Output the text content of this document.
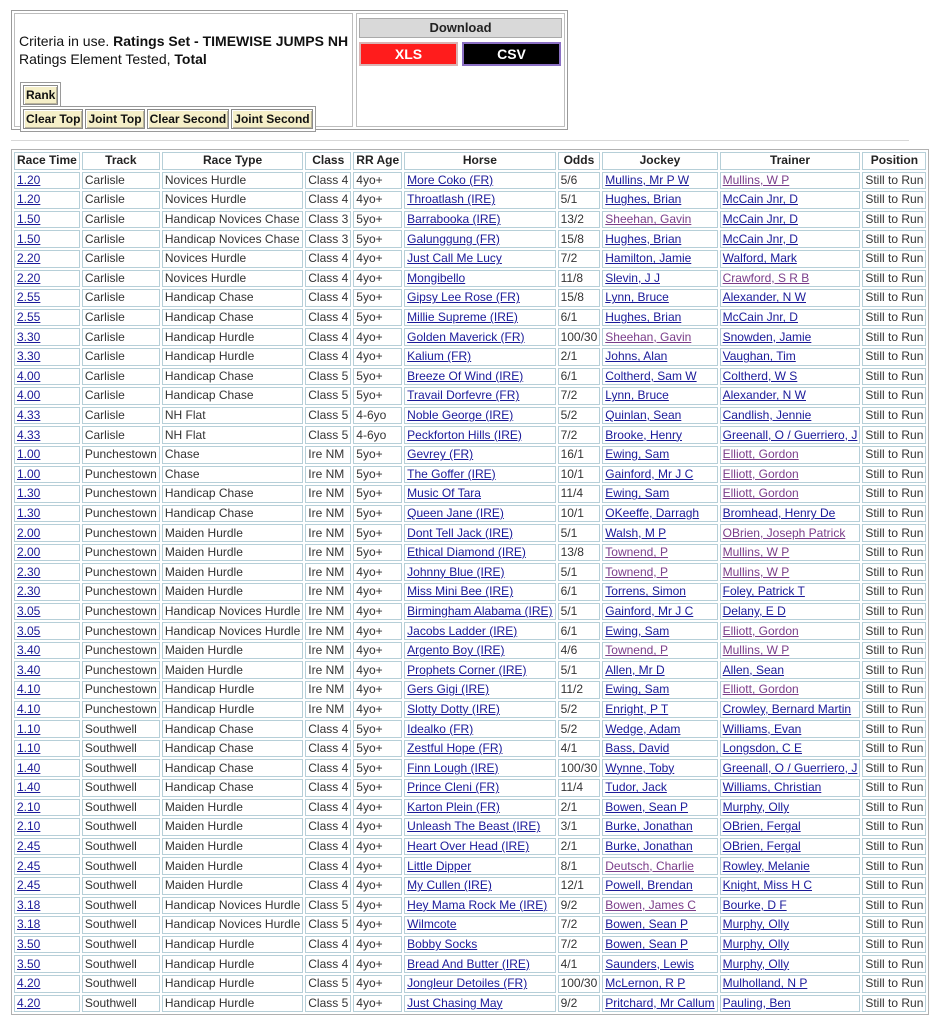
Criteria in use. Ratings Set - TIMEWISE JUMPS NH
Ratings Element Tested, Total
Rank
Clear Top Joint Top Clear Second Joint Second
Download
XLS	CSV
Race Time	Track	Race Type	Class	RR Age	Horse	Odds	Jockey	Trainer	Position
1.20	Carlisle	Novices Hurdle	Class 4	4yo+	More Coko (FR)	5/6	Mullins, Mr P W	Mullins, W P	Still to Run
1.20	Carlisle	Novices Hurdle	Class 4	4yo+	Throatlash (IRE)	5/1	Hughes, Brian	McCain Jnr, D	Still to Run
1.50	Carlisle	Handicap Novices Chase	Class 3	5yo+	Barrabooka (IRE)	13/2	Sheehan, Gavin	McCain Jnr, D	Still to Run
1.50	Carlisle	Handicap Novices Chase	Class 3	5yo+	Galunggung (FR)	15/8	Hughes, Brian	McCain Jnr, D	Still to Run
2.20	Carlisle	Novices Hurdle	Class 4	4yo+	Just Call Me Lucy	7/2	Hamilton, Jamie	Walford, Mark	Still to Run
2.20	Carlisle	Novices Hurdle	Class 4	4yo+	Mongibello	11/8	Slevin, J J	Crawford, S R B	Still to Run
2.55	Carlisle	Handicap Chase	Class 4	5yo+	Gipsy Lee Rose (FR)	15/8	Lynn, Bruce	Alexander, N W	Still to Run
2.55	Carlisle	Handicap Chase	Class 4	5yo+	Millie Supreme (IRE)	6/1	Hughes, Brian	McCain Jnr, D	Still to Run
3.30	Carlisle	Handicap Hurdle	Class 4	4yo+	Golden Maverick (FR)	100/30	Sheehan, Gavin	Snowden, Jamie	Still to Run
3.30	Carlisle	Handicap Hurdle	Class 4	4yo+	Kalium (FR)	2/1	Johns, Alan	Vaughan, Tim	Still to Run
4.00	Carlisle	Handicap Chase	Class 5	5yo+	Breeze Of Wind (IRE)	6/1	Coltherd, Sam W	Coltherd, W S	Still to Run
4.00	Carlisle	Handicap Chase	Class 5	5yo+	Travail Dorfevre (FR)	7/2	Lynn, Bruce	Alexander, N W	Still to Run
4.33	Carlisle	NH Flat	Class 5	4-6yo	Noble George (IRE)	5/2	Quinlan, Sean	Candlish, Jennie	Still to Run
4.33	Carlisle	NH Flat	Class 5	4-6yo	Peckforton Hills (IRE)	7/2	Brooke, Henry	Greenall, O / Guerriero, J	Still to Run
1.00	Punchestown	Chase	Ire NM	5yo+	Gevrey (FR)	16/1	Ewing, Sam	Elliott, Gordon	Still to Run
1.00	Punchestown	Chase	Ire NM	5yo+	The Goffer (IRE)	10/1	Gainford, Mr J C	Elliott, Gordon	Still to Run
1.30	Punchestown	Handicap Chase	Ire NM	5yo+	Music Of Tara	11/4	Ewing, Sam	Elliott, Gordon	Still to Run
1.30	Punchestown	Handicap Chase	Ire NM	5yo+	Queen Jane (IRE)	10/1	OKeeffe, Darragh	Bromhead, Henry De	Still to Run
2.00	Punchestown	Maiden Hurdle	Ire NM	5yo+	Dont Tell Jack (IRE)	5/1	Walsh, M P	OBrien, Joseph Patrick	Still to Run
2.00	Punchestown	Maiden Hurdle	Ire NM	5yo+	Ethical Diamond (IRE)	13/8	Townend, P	Mullins, W P	Still to Run
2.30	Punchestown	Maiden Hurdle	Ire NM	4yo+	Johnny Blue (IRE)	5/1	Townend, P	Mullins, W P	Still to Run
2.30	Punchestown	Maiden Hurdle	Ire NM	4yo+	Miss Mini Bee (IRE)	6/1	Torrens, Simon	Foley, Patrick T	Still to Run
3.05	Punchestown	Handicap Novices Hurdle	Ire NM	4yo+	Birmingham Alabama (IRE)	5/1	Gainford, Mr J C	Delany, E D	Still to Run
3.05	Punchestown	Handicap Novices Hurdle	Ire NM	4yo+	Jacobs Ladder (IRE)	6/1	Ewing, Sam	Elliott, Gordon	Still to Run
3.40	Punchestown	Maiden Hurdle	Ire NM	4yo+	Argento Boy (IRE)	4/6	Townend, P	Mullins, W P	Still to Run
3.40	Punchestown	Maiden Hurdle	Ire NM	4yo+	Prophets Corner (IRE)	5/1	Allen, Mr D	Allen, Sean	Still to Run
4.10	Punchestown	Handicap Hurdle	Ire NM	4yo+	Gers Gigi (IRE)	11/2	Ewing, Sam	Elliott, Gordon	Still to Run
4.10	Punchestown	Handicap Hurdle	Ire NM	4yo+	Slotty Dotty (IRE)	5/2	Enright, P T	Crowley, Bernard Martin	Still to Run
1.10	Southwell	Handicap Chase	Class 4	5yo+	Idealko (FR)	5/2	Wedge, Adam	Williams, Evan	Still to Run
1.10	Southwell	Handicap Chase	Class 4	5yo+	Zestful Hope (FR)	4/1	Bass, David	Longsdon, C E	Still to Run
1.40	Southwell	Handicap Chase	Class 4	5yo+	Finn Lough (IRE)	100/30	Wynne, Toby	Greenall, O / Guerriero, J	Still to Run
1.40	Southwell	Handicap Chase	Class 4	5yo+	Prince Cleni (FR)	11/4	Tudor, Jack	Williams, Christian	Still to Run
2.10	Southwell	Maiden Hurdle	Class 4	4yo+	Karton Plein (FR)	2/1	Bowen, Sean P	Murphy, Olly	Still to Run
2.10	Southwell	Maiden Hurdle	Class 4	4yo+	Unleash The Beast (IRE)	3/1	Burke, Jonathan	OBrien, Fergal	Still to Run
2.45	Southwell	Maiden Hurdle	Class 4	4yo+	Heart Over Head (IRE)	2/1	Burke, Jonathan	OBrien, Fergal	Still to Run
2.45	Southwell	Maiden Hurdle	Class 4	4yo+	Little Dipper	8/1	Deutsch, Charlie	Rowley, Melanie	Still to Run
2.45	Southwell	Maiden Hurdle	Class 4	4yo+	My Cullen (IRE)	12/1	Powell, Brendan	Knight, Miss H C	Still to Run
3.18	Southwell	Handicap Novices Hurdle	Class 5	4yo+	Hey Mama Rock Me (IRE)	9/2	Bowen, James C	Bourke, D F	Still to Run
3.18	Southwell	Handicap Novices Hurdle	Class 5	4yo+	Wilmcote	7/2	Bowen, Sean P	Murphy, Olly	Still to Run
3.50	Southwell	Handicap Hurdle	Class 4	4yo+	Bobby Socks	7/2	Bowen, Sean P	Murphy, Olly	Still to Run
3.50	Southwell	Handicap Hurdle	Class 4	4yo+	Bread And Butter (IRE)	4/1	Saunders, Lewis	Murphy, Olly	Still to Run
4.20	Southwell	Handicap Hurdle	Class 5	4yo+	Jongleur Detoiles (FR)	100/30	McLernon, R P	Mulholland, N P	Still to Run
4.20	Southwell	Handicap Hurdle	Class 5	4yo+	Just Chasing May	9/2	Pritchard, Mr Callum	Pauling, Ben	Still to Run
